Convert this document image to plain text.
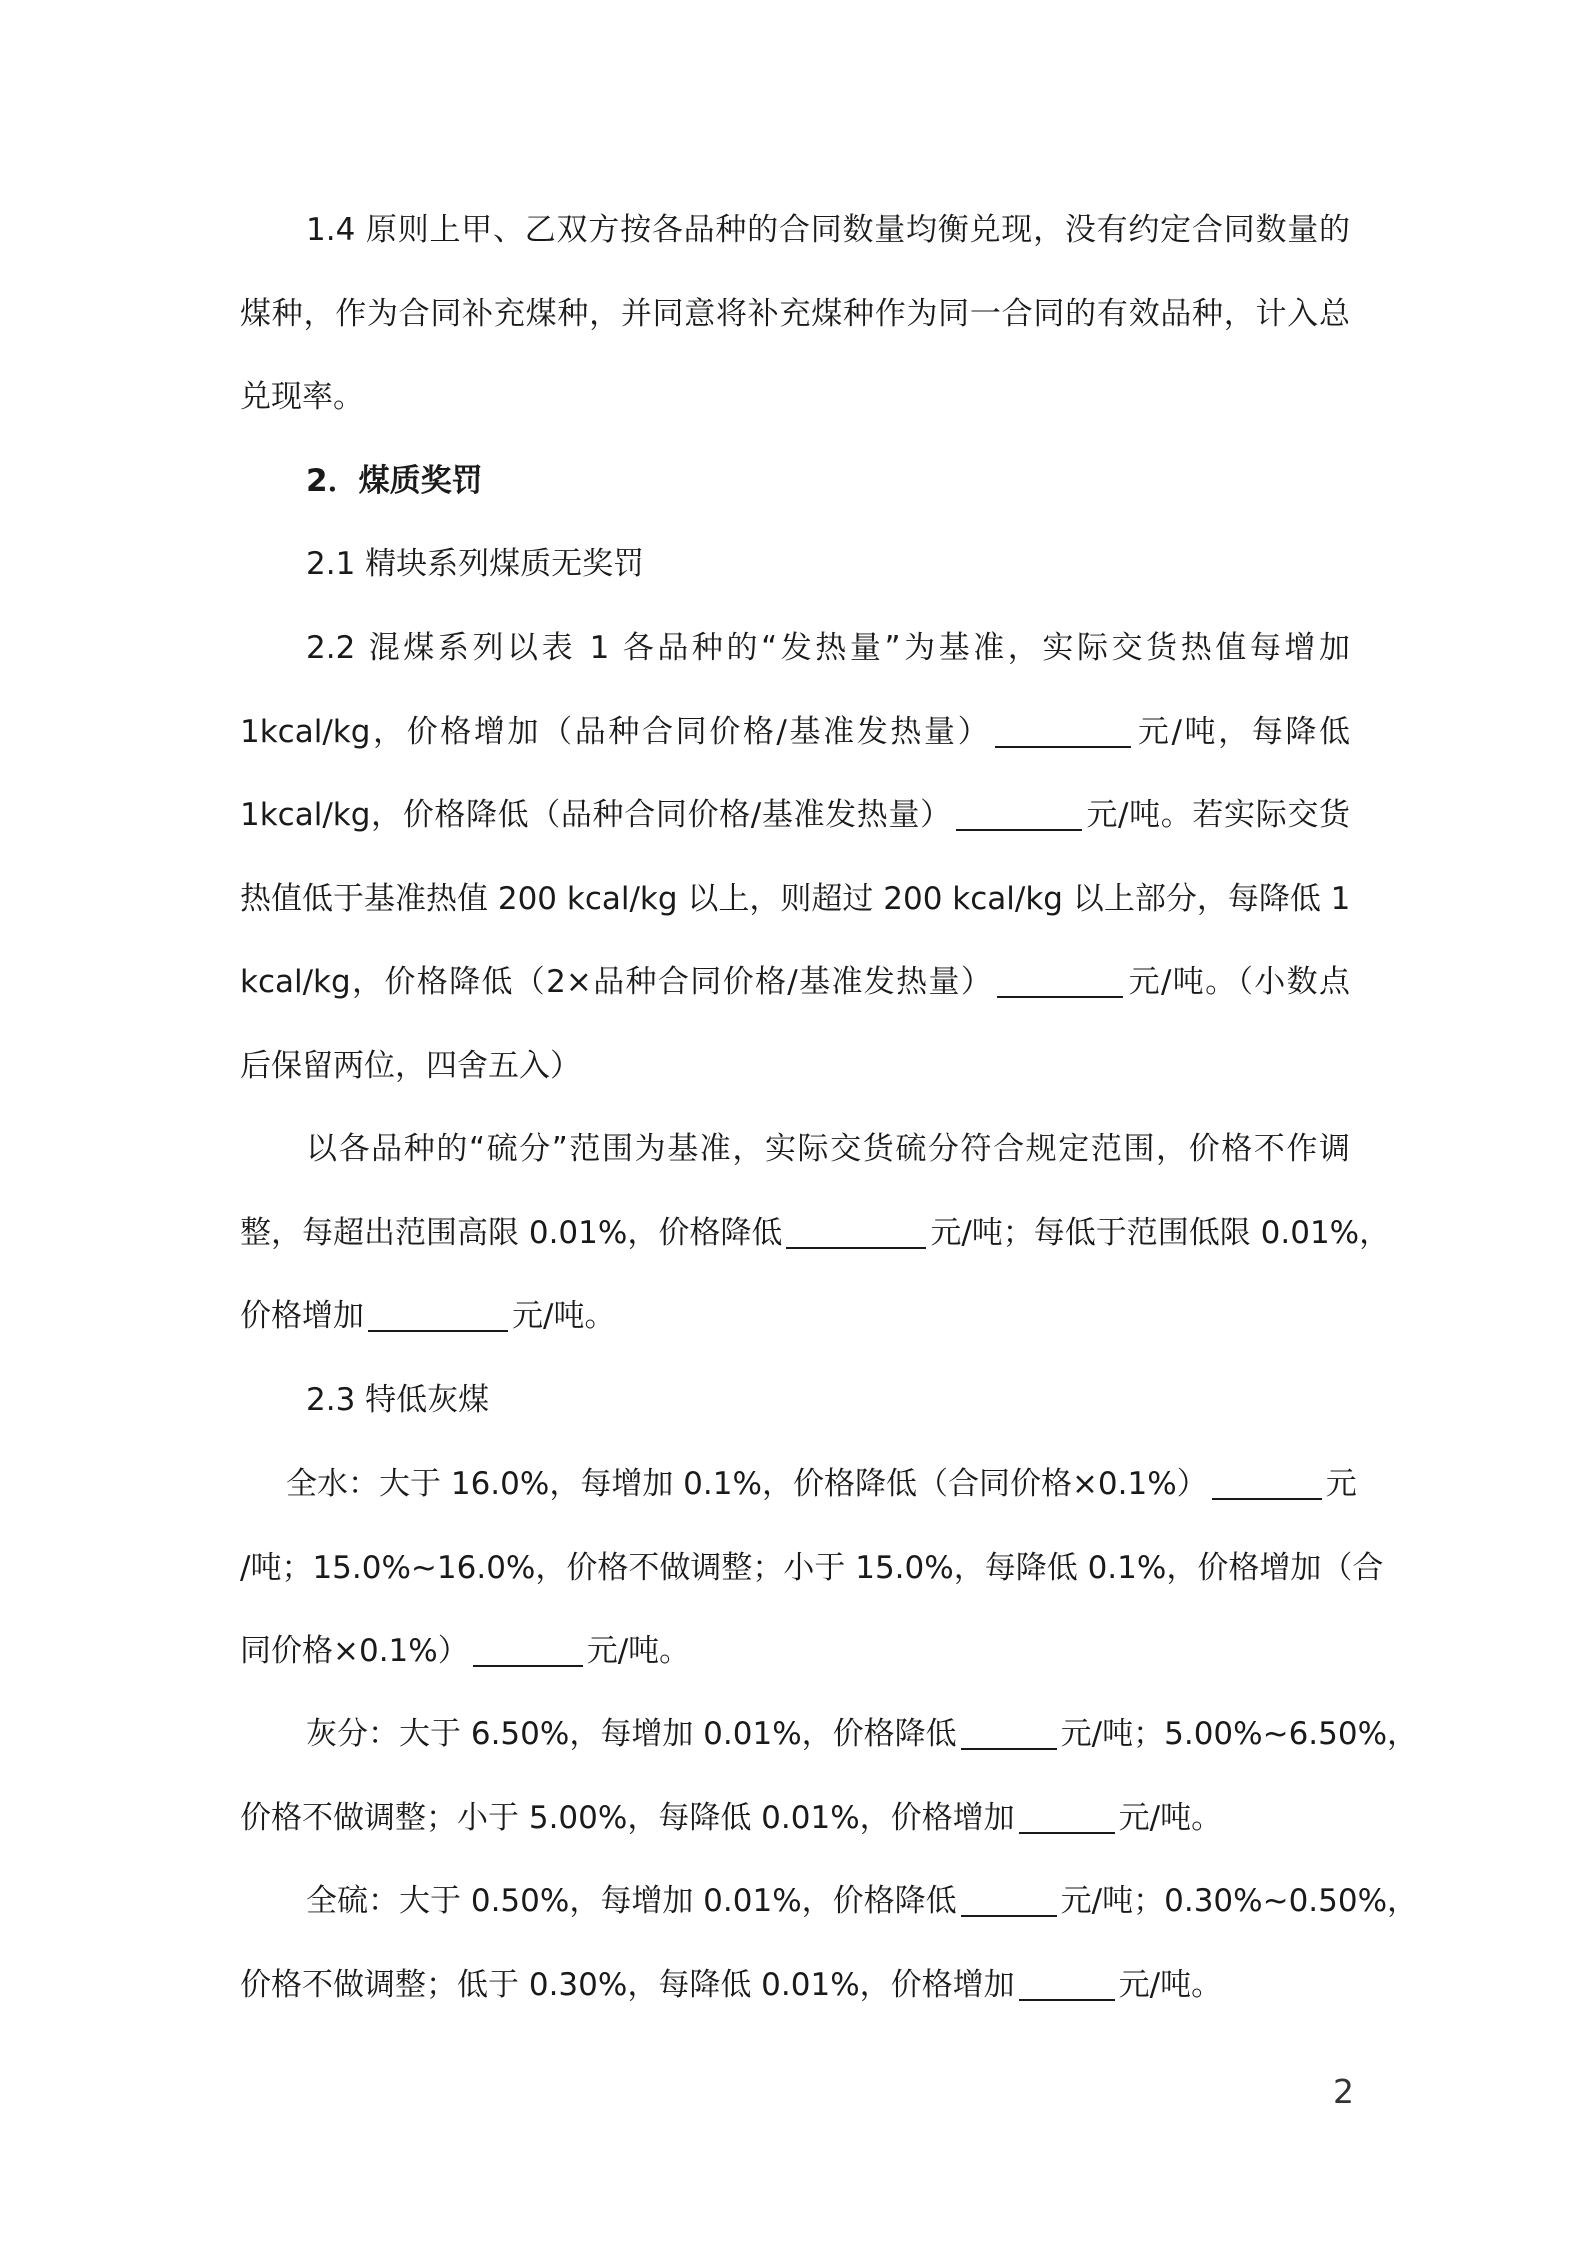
1.4 原则上甲、乙双方按各品种的合同数量均衡兑现，没有约定合同数量的
煤种，作为合同补充煤种，并同意将补充煤种作为同一合同的有效品种，计入总
兑现率。
2．煤质奖罚
2.1 精块系列煤质无奖罚
2.2 混煤系列以表 1 各品种的“发热量”为基准，实际交货热值每增加
1kcal/kg，价格增加（品种合同价格/基准发热量）	元/吨，每降低
1kcal/kg，价格降低（品种合同价格/基准发热量）	元/吨。若实际交货
热值低于基准热值 200 kcal/kg 以上，则超过 200 kcal/kg 以上部分，每降低 1
kcal/kg，价格降低（2×品种合同价格/基准发热量）	元/吨。（小数点
后保留两位，四舍五入）
以各品种的“硫分”范围为基准，实际交货硫分符合规定范围，价格不作调
整，每超出范围高限 0.01%，价格降低	元/吨；每低于范围低限 0.01%，
价格增加	元/吨。
2.3 特低灰煤
全水：大于 16.0%，每增加 0.1%，价格降低（合同价格×0.1%）	元
/吨；15.0%~16.0%，价格不做调整；小于 15.0%，每降低 0.1%，价格增加（合
同价格×0.1%）	元/吨。
灰分：大于 6.50%，每增加 0.01%，价格降低	元/吨；5.00%~6.50%，
价格不做调整；小于 5.00%，每降低 0.01%，价格增加	元/吨。
全硫：大于 0.50%，每增加 0.01%，价格降低	元/吨；0.30%~0.50%，
价格不做调整；低于 0.30%，每降低 0.01%，价格增加	元/吨。
2
